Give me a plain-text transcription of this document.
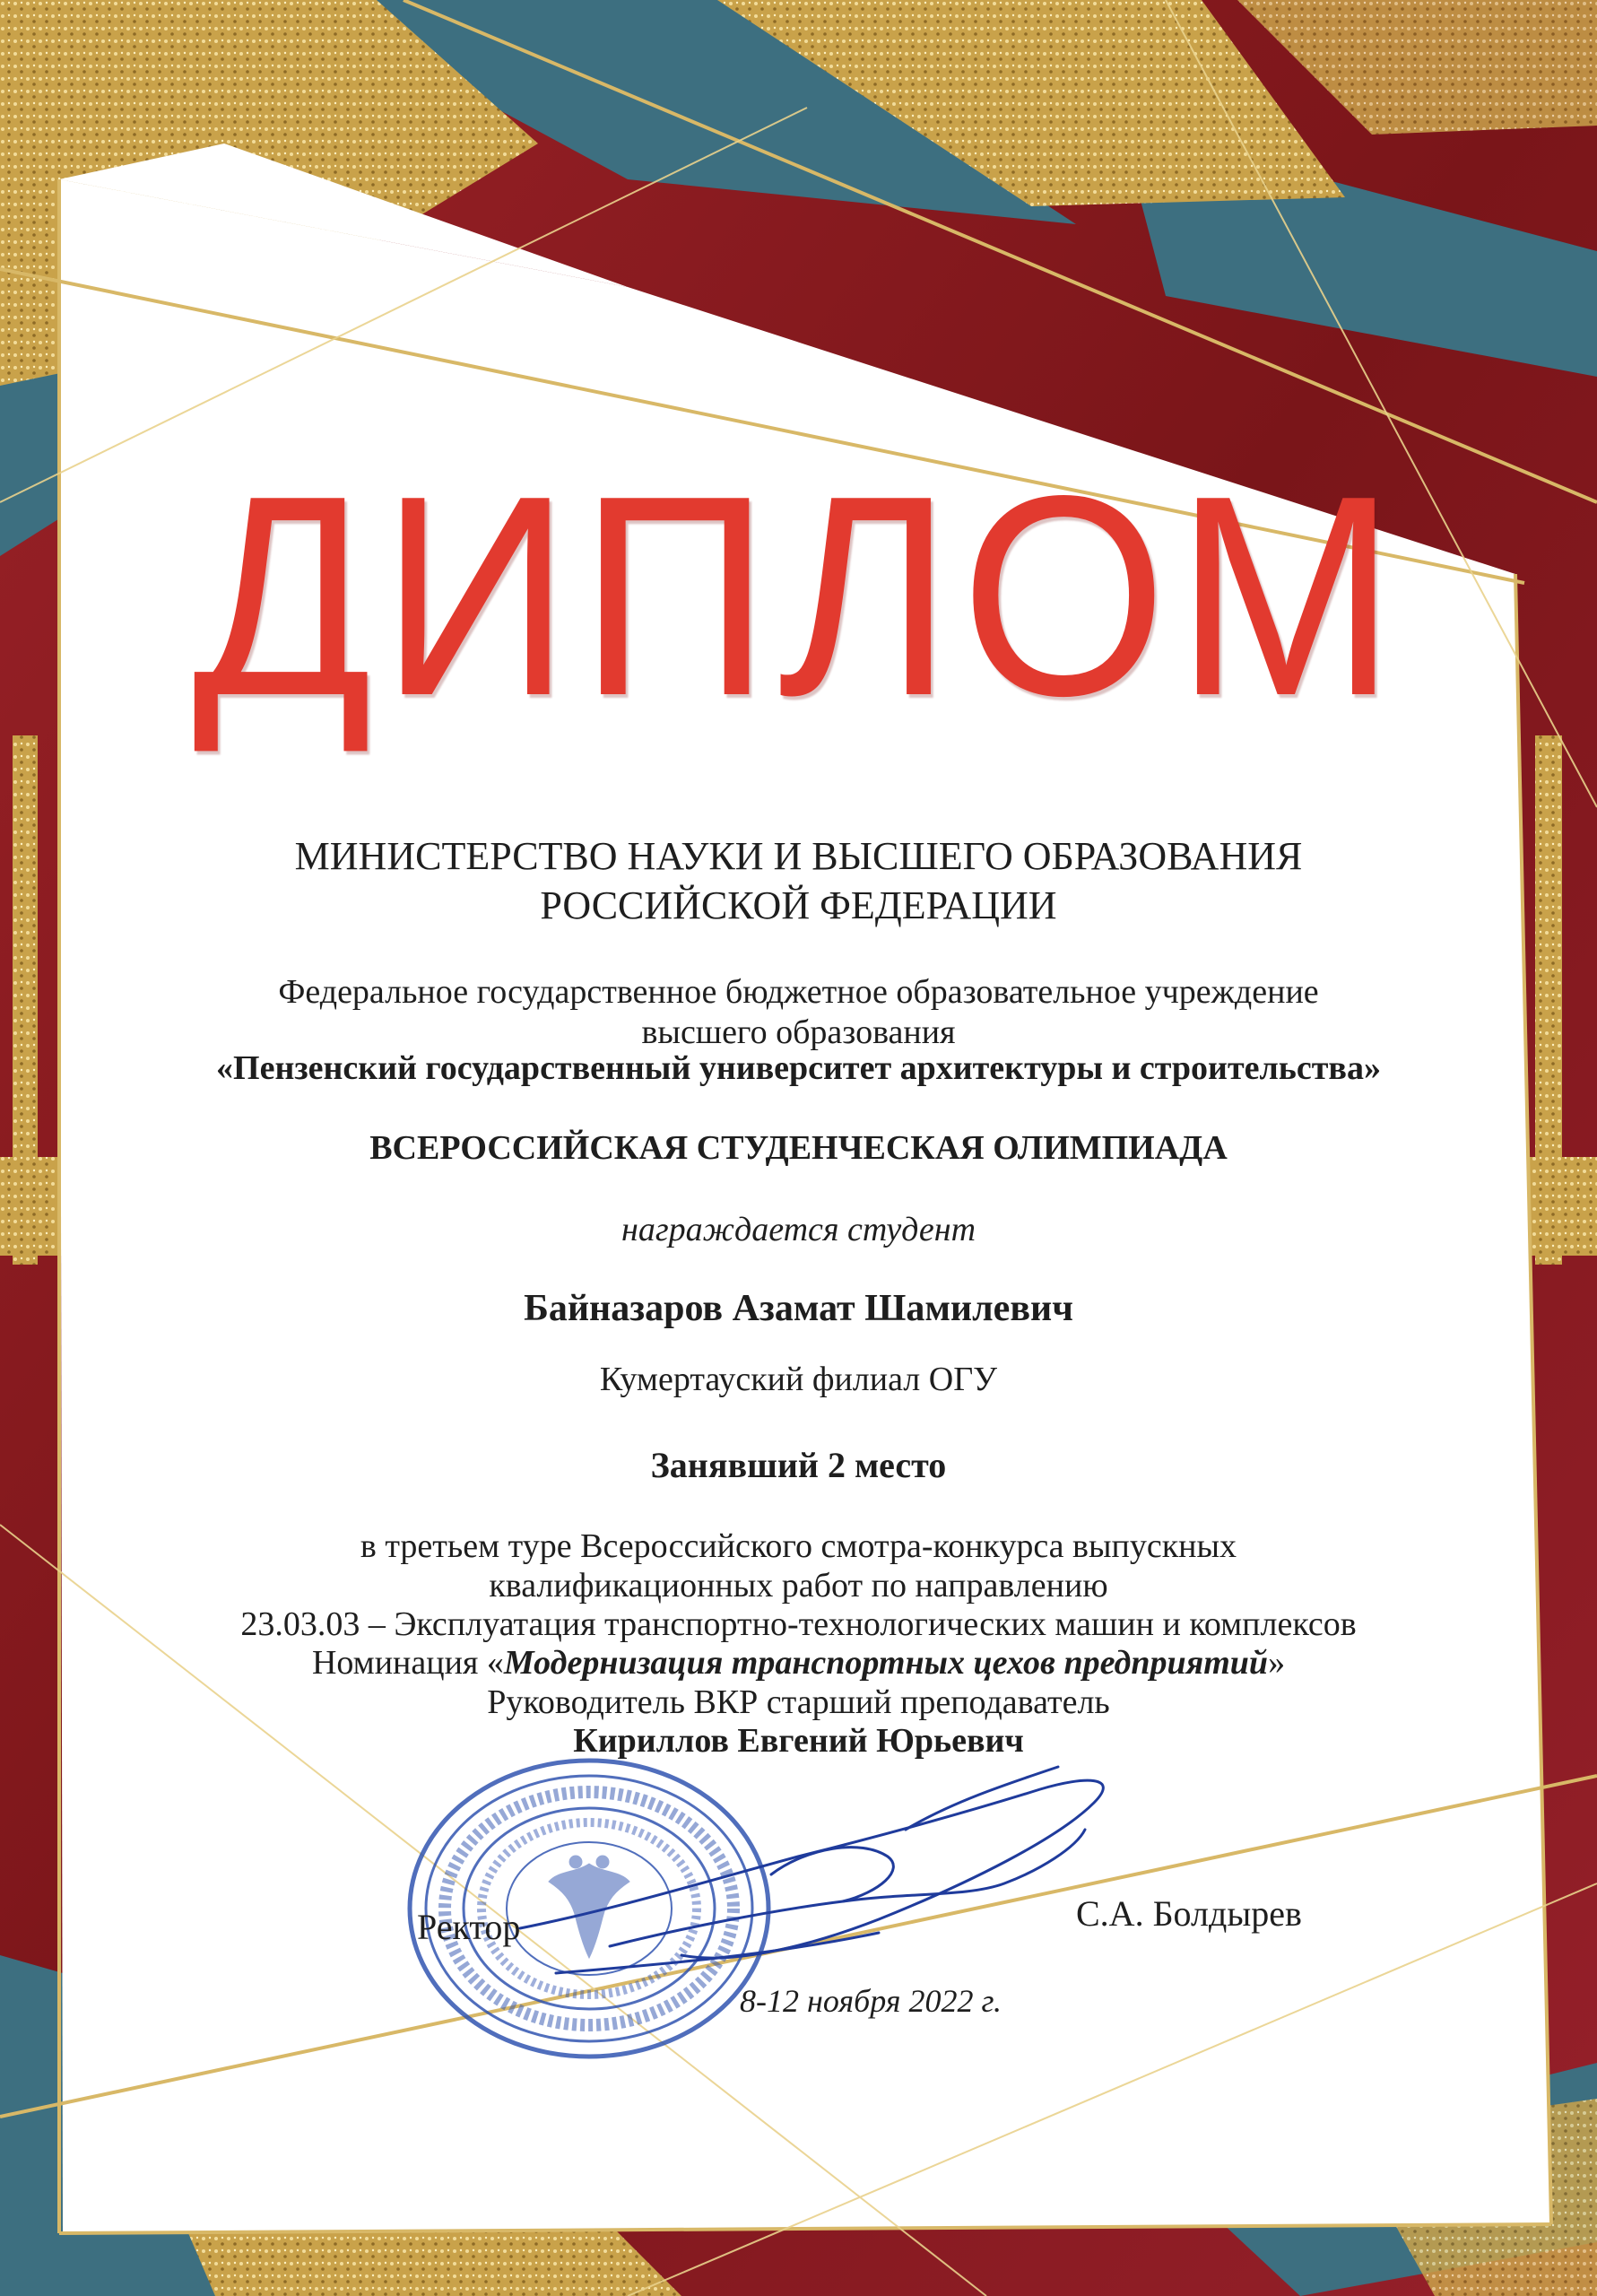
ДИПЛОМ
МИНИСТЕРСТВО НАУКИ И ВЫСШЕГО ОБРАЗОВАНИЯ
РОССИЙСКОЙ ФЕДЕРАЦИИ
Федеральное государственное бюджетное образовательное учреждение
высшего образования
«Пензенский государственный университет архитектуры и строительства»
ВСЕРОССИЙСКАЯ СТУДЕНЧЕСКАЯ ОЛИМПИАДА
награждается студент
Байназаров Азамат Шамилевич
Кумертауский филиал ОГУ
Занявший 2 место
в третьем туре Всероссийского смотра-конкурса выпускных
квалификационных работ по направлению
23.03.03 – Эксплуатация транспортно-технологических машин и комплексов
Номинация «Модернизация транспортных цехов предприятий»
Руководитель ВКР старший преподаватель
Кириллов Евгений Юрьевич
Ректор	С.А. Болдырев
8-12 ноября 2022 г.
